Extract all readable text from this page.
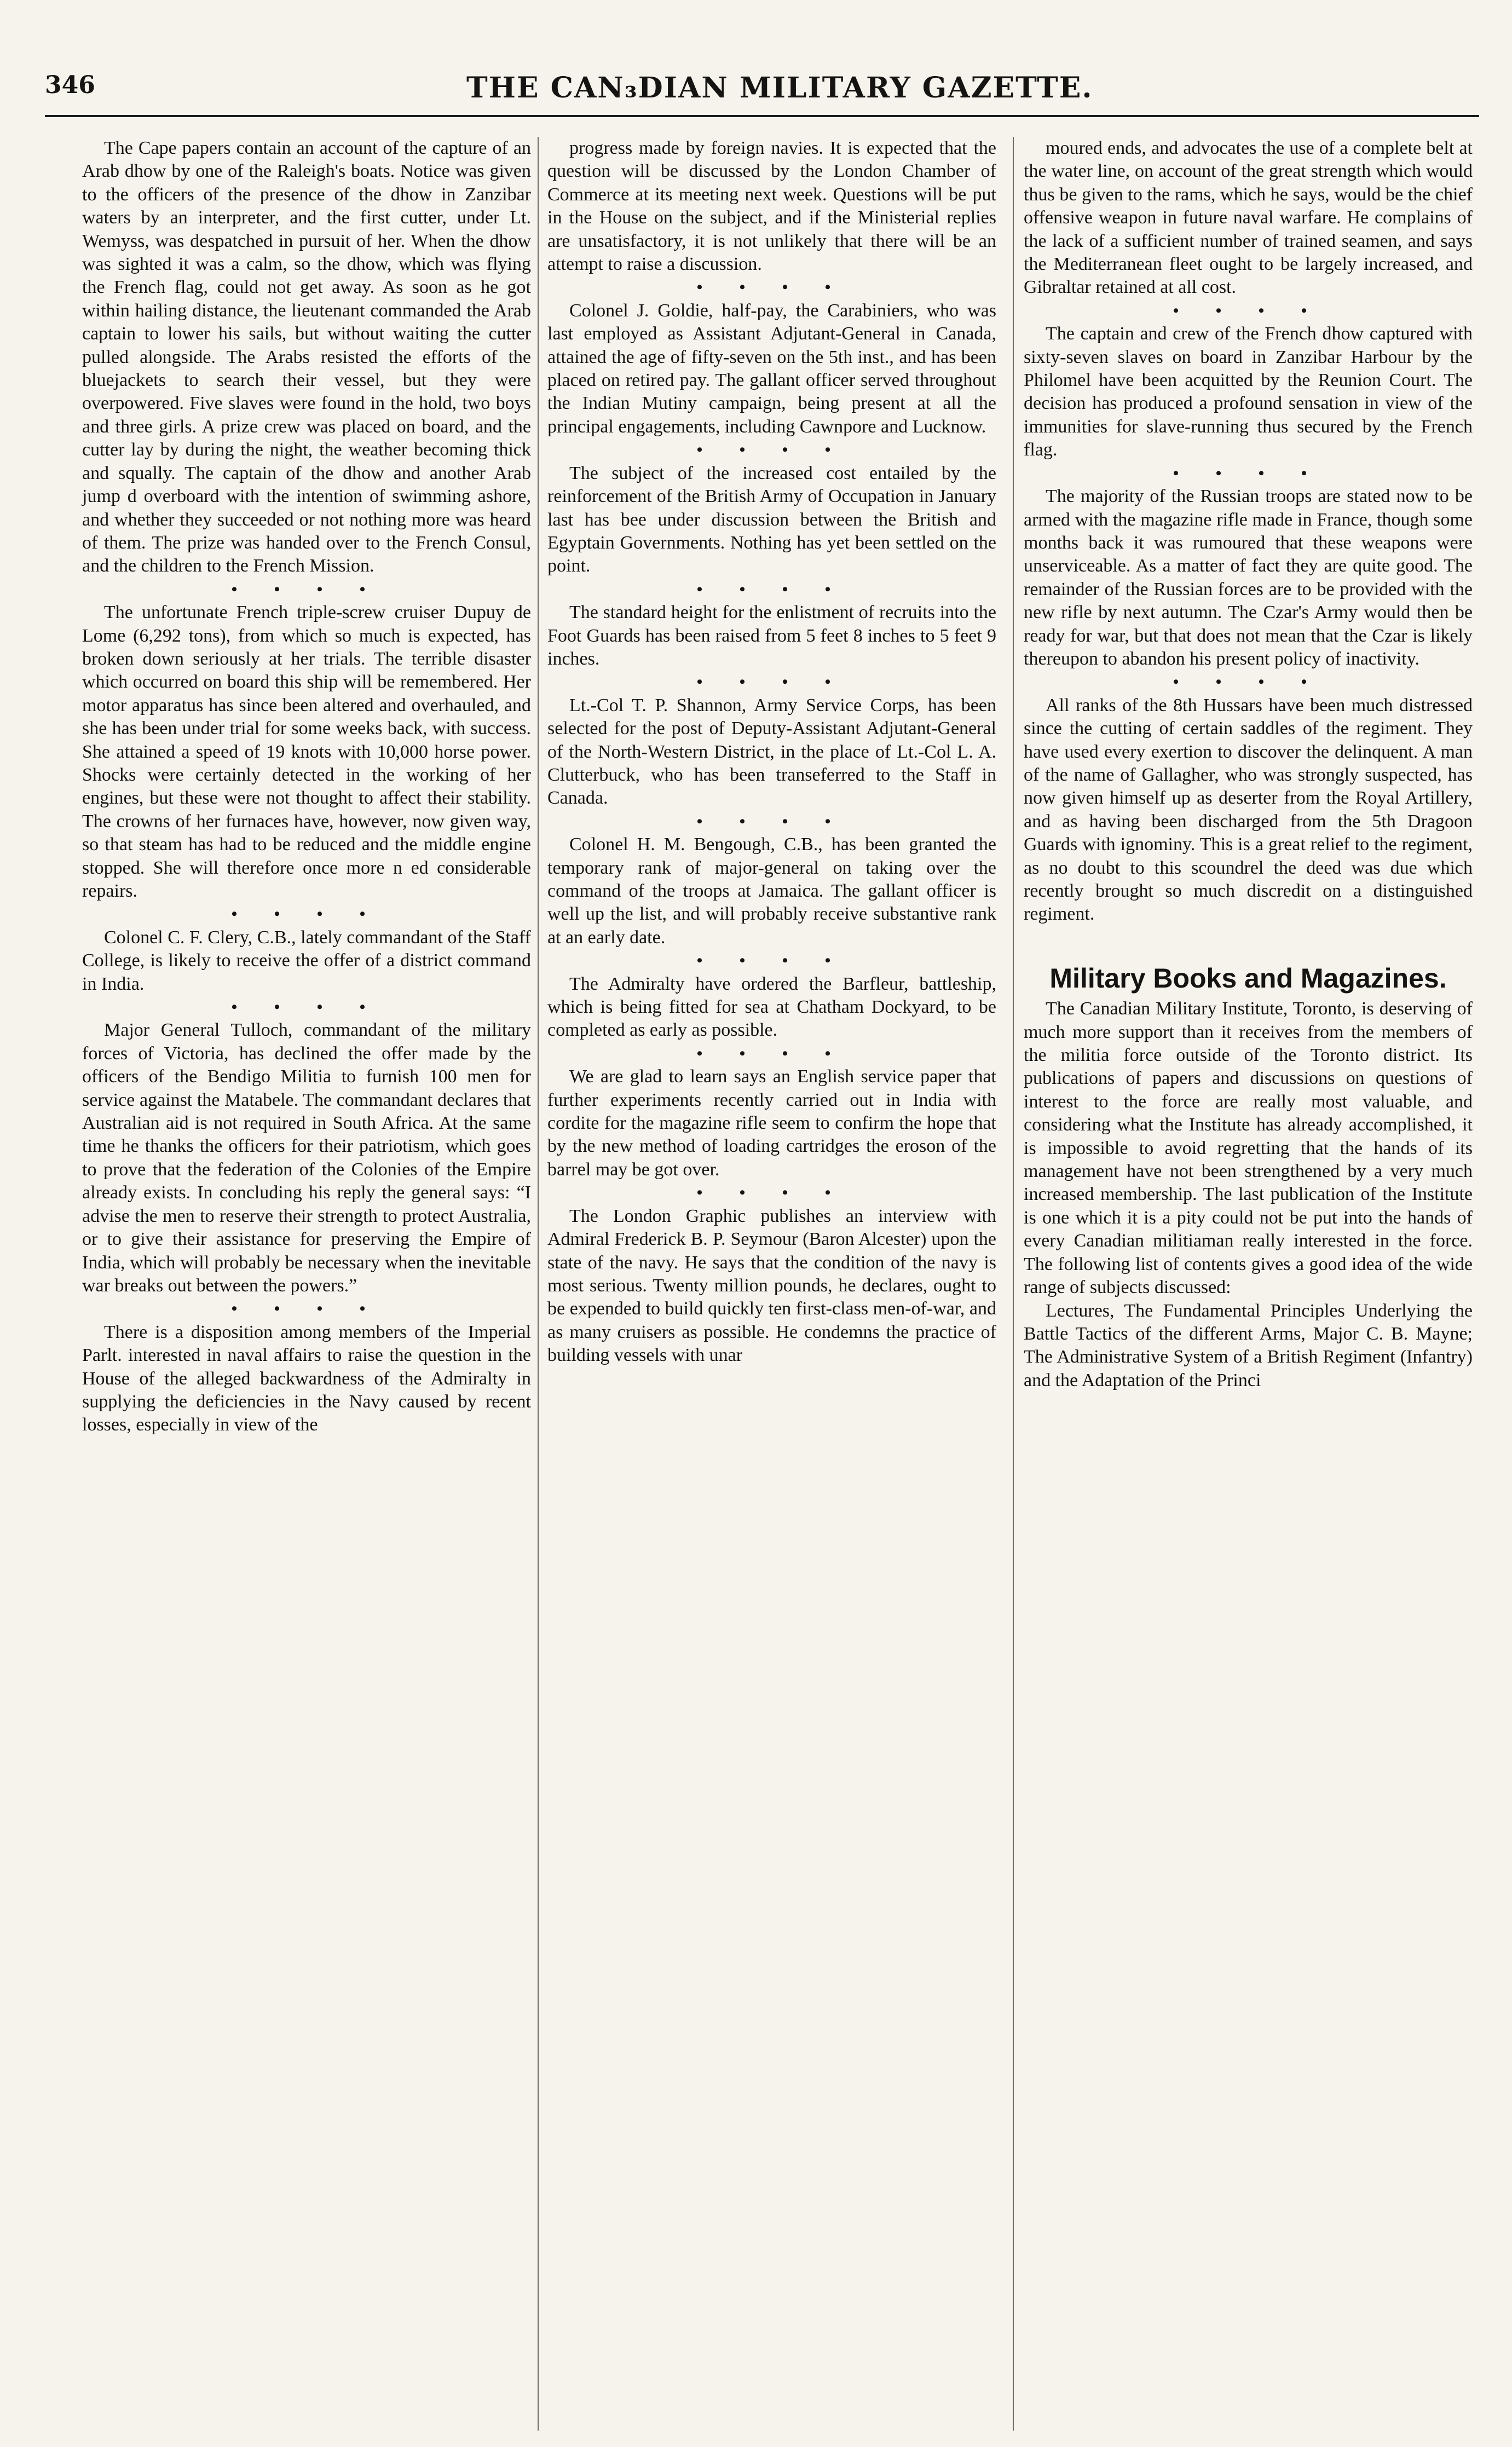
346	THE CAN₃DIAN MILITARY GAZETTE.

The Cape papers contain an account of the capture of an Arab dhow by one of the Raleigh's boats. Notice was given to the officers of the presence of the dhow in Zanzibar waters by an interpreter, and the first cutter, under Lt. Wemyss, was despatched in pursuit of her. When the dhow was sighted it was a calm, so the dhow, which was flying the French flag, could not get away. As soon as he got within hailing distance, the lieutenant commanded the Arab captain to lower his sails, but without waiting the cutter pulled alongside. The Arabs resisted the efforts of the bluejackets to search their vessel, but they were overpowered. Five slaves were found in the hold, two boys and three girls. A prize crew was placed on board, and the cutter lay by during the night, the weather becoming thick and squally. The captain of the dhow and another Arab jump d overboard with the intention of swimming ashore, and whether they succeeded or not nothing more was heard of them. The prize was handed over to the French Consul, and the children to the French Mission.

• • • •

The unfortunate French triple-screw cruiser Dupuy de Lome (6,292 tons), from which so much is expected, has broken down seriously at her trials. The terrible disaster which occurred on board this ship will be remembered. Her motor apparatus has since been altered and overhauled, and she has been under trial for some weeks back, with success. She attained a speed of 19 knots with 10,000 horse power. Shocks were certainly detected in the working of her engines, but these were not thought to affect their stability. The crowns of her furnaces have, however, now given way, so that steam has had to be reduced and the middle engine stopped. She will therefore once more n ed considerable repairs.

• • • •

Colonel C. F. Clery, C.B., lately commandant of the Staff College, is likely to receive the offer of a district command in India.

• • • •

Major General Tulloch, commandant of the military forces of Victoria, has declined the offer made by the officers of the Bendigo Militia to furnish 100 men for service against the Matabele. The commandant declares that Australian aid is not required in South Africa. At the same time he thanks the officers for their patriotism, which goes to prove that the federation of the Colonies of the Empire already exists. In concluding his reply the general says: “I advise the men to reserve their strength to protect Australia, or to give their assistance for preserving the Empire of India, which will probably be necessary when the inevitable war breaks out between the powers.”

• • • •

There is a disposition among members of the Imperial Parlt. interested in naval affairs to raise the question in the House of the alleged backwardness of the Admiralty in supplying the deficiencies in the Navy caused by recent losses, especially in view of the

progress made by foreign navies. It is expected that the question will be discussed by the London Chamber of Commerce at its meeting next week. Questions will be put in the House on the subject, and if the Ministerial replies are unsatisfactory, it is not unlikely that there will be an attempt to raise a discussion.

• • • •

Colonel J. Goldie, half-pay, the Carabiniers, who was last employed as Assistant Adjutant-General in Canada, attained the age of fifty-seven on the 5th inst., and has been placed on retired pay. The gallant officer served throughout the Indian Mutiny campaign, being present at all the principal engagements, including Cawnpore and Lucknow.

• • • •

The subject of the increased cost entailed by the reinforcement of the British Army of Occupation in January last has bee under discussion between the British and Egyptain Governments. Nothing has yet been settled on the point.

• • • •

The standard height for the enlistment of recruits into the Foot Guards has been raised from 5 feet 8 inches to 5 feet 9 inches.

• • • •

Lt.-Col T. P. Shannon, Army Service Corps, has been selected for the post of Deputy-Assistant Adjutant-General of the North-Western District, in the place of Lt.-Col L. A. Clutterbuck, who has been transeferred to the Staff in Canada.

• • • •

Colonel H. M. Bengough, C.B., has been granted the temporary rank of major-general on taking over the command of the troops at Jamaica. The gallant officer is well up the list, and will probably receive substantive rank at an early date.

• • • •

The Admiralty have ordered the Barfleur, battleship, which is being fitted for sea at Chatham Dockyard, to be completed as early as possible.

• • • •

We are glad to learn says an English service paper that further experiments recently carried out in India with cordite for the magazine rifle seem to confirm the hope that by the new method of loading cartridges the eroson of the barrel may be got over.

• • • •

The London Graphic publishes an interview with Admiral Frederick B. P. Seymour (Baron Alcester) upon the state of the navy. He says that the condition of the navy is most serious. Twenty million pounds, he declares, ought to be expended to build quickly ten first-class men-of-war, and as many cruisers as possible. He condemns the practice of building vessels with unar

moured ends, and advocates the use of a complete belt at the water line, on account of the great strength which would thus be given to the rams, which he says, would be the chief offensive weapon in future naval warfare. He complains of the lack of a sufficient number of trained seamen, and says the Mediterranean fleet ought to be largely increased, and Gibraltar retained at all cost.

• • • •

The captain and crew of the French dhow captured with sixty-seven slaves on board in Zanzibar Harbour by the Philomel have been acquitted by the Reunion Court. The decision has produced a profound sensation in view of the immunities for slave-running thus secured by the French flag.

• • • •

The majority of the Russian troops are stated now to be armed with the magazine rifle made in France, though some months back it was rumoured that these weapons were unserviceable. As a matter of fact they are quite good. The remainder of the Russian forces are to be provided with the new rifle by next autumn. The Czar's Army would then be ready for war, but that does not mean that the Czar is likely thereupon to abandon his present policy of inactivity.

• • • •

All ranks of the 8th Hussars have been much distressed since the cutting of certain saddles of the regiment. They have used every exertion to discover the delinquent. A man of the name of Gallagher, who was strongly suspected, has now given himself up as deserter from the Royal Artillery, and as having been discharged from the 5th Dragoon Guards with ignominy. This is a great relief to the regiment, as no doubt to this scoundrel the deed was due which recently brought so much discredit on a distinguished regiment.

Military Books and Magazines.

The Canadian Military Institute, Toronto, is deserving of much more support than it receives from the members of the militia force outside of the Toronto district. Its publications of papers and discussions on questions of interest to the force are really most valuable, and considering what the Institute has already accomplished, it is impossible to avoid regretting that the hands of its management have not been strengthened by a very much increased membership. The last publication of the Institute is one which it is a pity could not be put into the hands of every Canadian militiaman really interested in the force. The following list of contents gives a good idea of the wide range of subjects discussed:

Lectures, The Fundamental Principles Underlying the Battle Tactics of the different Arms, Major C. B. Mayne; The Administrative System of a British Regiment (Infantry) and the Adaptation of the Princi
